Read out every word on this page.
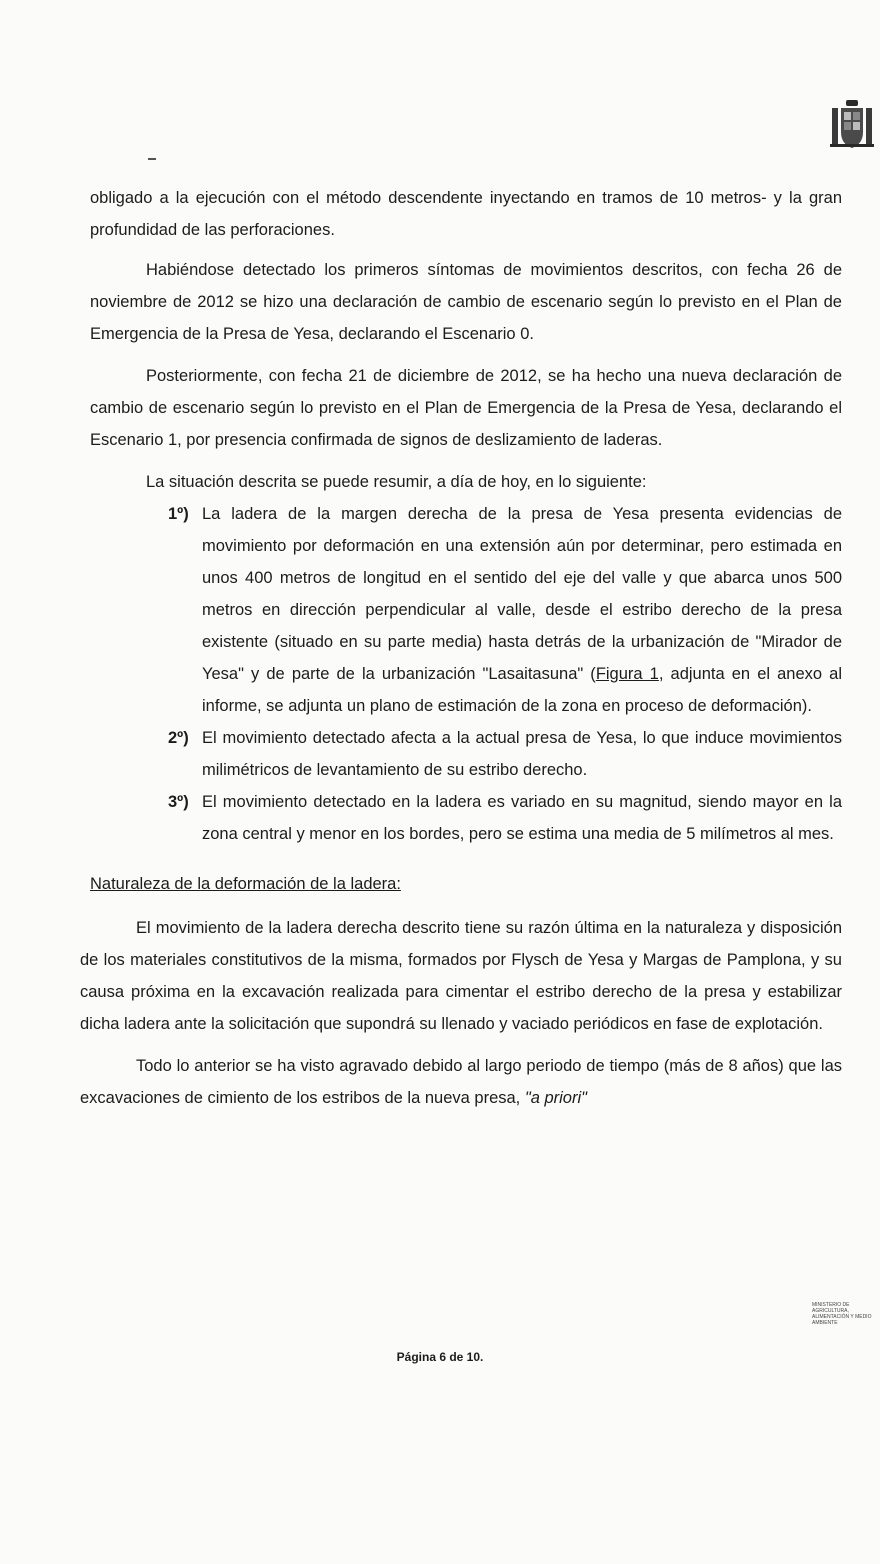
obligado a la ejecución con el método descendente inyectando en tramos de 10 metros- y la gran profundidad de las perforaciones.

Habiéndose detectado los primeros síntomas de movimientos descritos, con fecha 26 de noviembre de 2012 se hizo una declaración de cambio de escenario según lo previsto en el Plan de Emergencia de la Presa de Yesa, declarando el Escenario 0.

Posteriormente, con fecha 21 de diciembre de 2012, se ha hecho una nueva declaración de cambio de escenario según lo previsto en el Plan de Emergencia de la Presa de Yesa, declarando el Escenario 1, por presencia confirmada de signos de deslizamiento de laderas.

La situación descrita se puede resumir, a día de hoy, en lo siguiente:

1º) La ladera de la margen derecha de la presa de Yesa presenta evidencias de movimiento por deformación en una extensión aún por determinar, pero estimada en unos 400 metros de longitud en el sentido del eje del valle y que abarca unos 500 metros en dirección perpendicular al valle, desde el estribo derecho de la presa existente (situado en su parte media) hasta detrás de la urbanización de "Mirador de Yesa" y de parte de la urbanización "Lasaitasuna" (Figura 1, adjunta en el anexo al informe, se adjunta un plano de estimación de la zona en proceso de deformación).
2º) El movimiento detectado afecta a la actual presa de Yesa, lo que induce movimientos milimétricos de levantamiento de su estribo derecho.
3º) El movimiento detectado en la ladera es variado en su magnitud, siendo mayor en la zona central y menor en los bordes, pero se estima una media de 5 milímetros al mes.

Naturaleza de la deformación de la ladera:

El movimiento de la ladera derecha descrito tiene su razón última en la naturaleza y disposición de los materiales constitutivos de la misma, formados por Flysch de Yesa y Margas de Pamplona, y su causa próxima en la excavación realizada para cimentar el estribo derecho de la presa y estabilizar dicha ladera ante la solicitación que supondrá su llenado y vaciado periódicos en fase de explotación.

Todo lo anterior se ha visto agravado debido al largo periodo de tiempo (más de 8 años) que las excavaciones de cimiento de los estribos de la nueva presa, "a priori"

MINISTERIO DE AGRICULTURA, ALIMENTACIÓN Y MEDIO AMBIENTE
Página 6 de 10.
